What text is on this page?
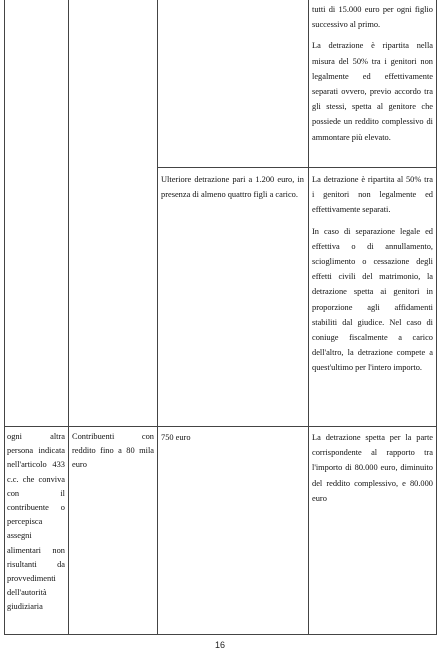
tutti di 15.000 euro per ogni figlio successivo al primo.

La detrazione è ripartita nella misura del 50% tra i genitori non legalmente ed effettivamente separati ovvero, previo accordo tra gli stessi, spetta al genitore che possiede un reddito complessivo di ammontare più elevato.

Ulteriore detrazione pari a 1.200 euro, in presenza di almeno quattro figli a carico.

La detrazione è ripartita al 50% tra i genitori non legalmente ed effettivamente separati.

In caso di separazione legale ed effettiva o di annullamento, scioglimento o cessazione degli effetti civili del matrimonio, la detrazione spetta ai genitori in proporzione agli affidamenti stabiliti dal giudice. Nel caso di coniuge fiscalmente a carico dell'altro, la detrazione compete a quest'ultimo per l'intero importo.

ogni altra persona indicata nell'articolo 433 c.c. che conviva con il contribuente o percepisca assegni alimentari non risultanti da provvedimenti dell'autorità giudiziaria

Contribuenti con reddito fino a 80 mila euro

750 euro	La detrazione spetta per la parte corrispondente al rapporto tra l'importo di 80.000 euro, diminuito del reddito complessivo, e 80.000 euro

16
